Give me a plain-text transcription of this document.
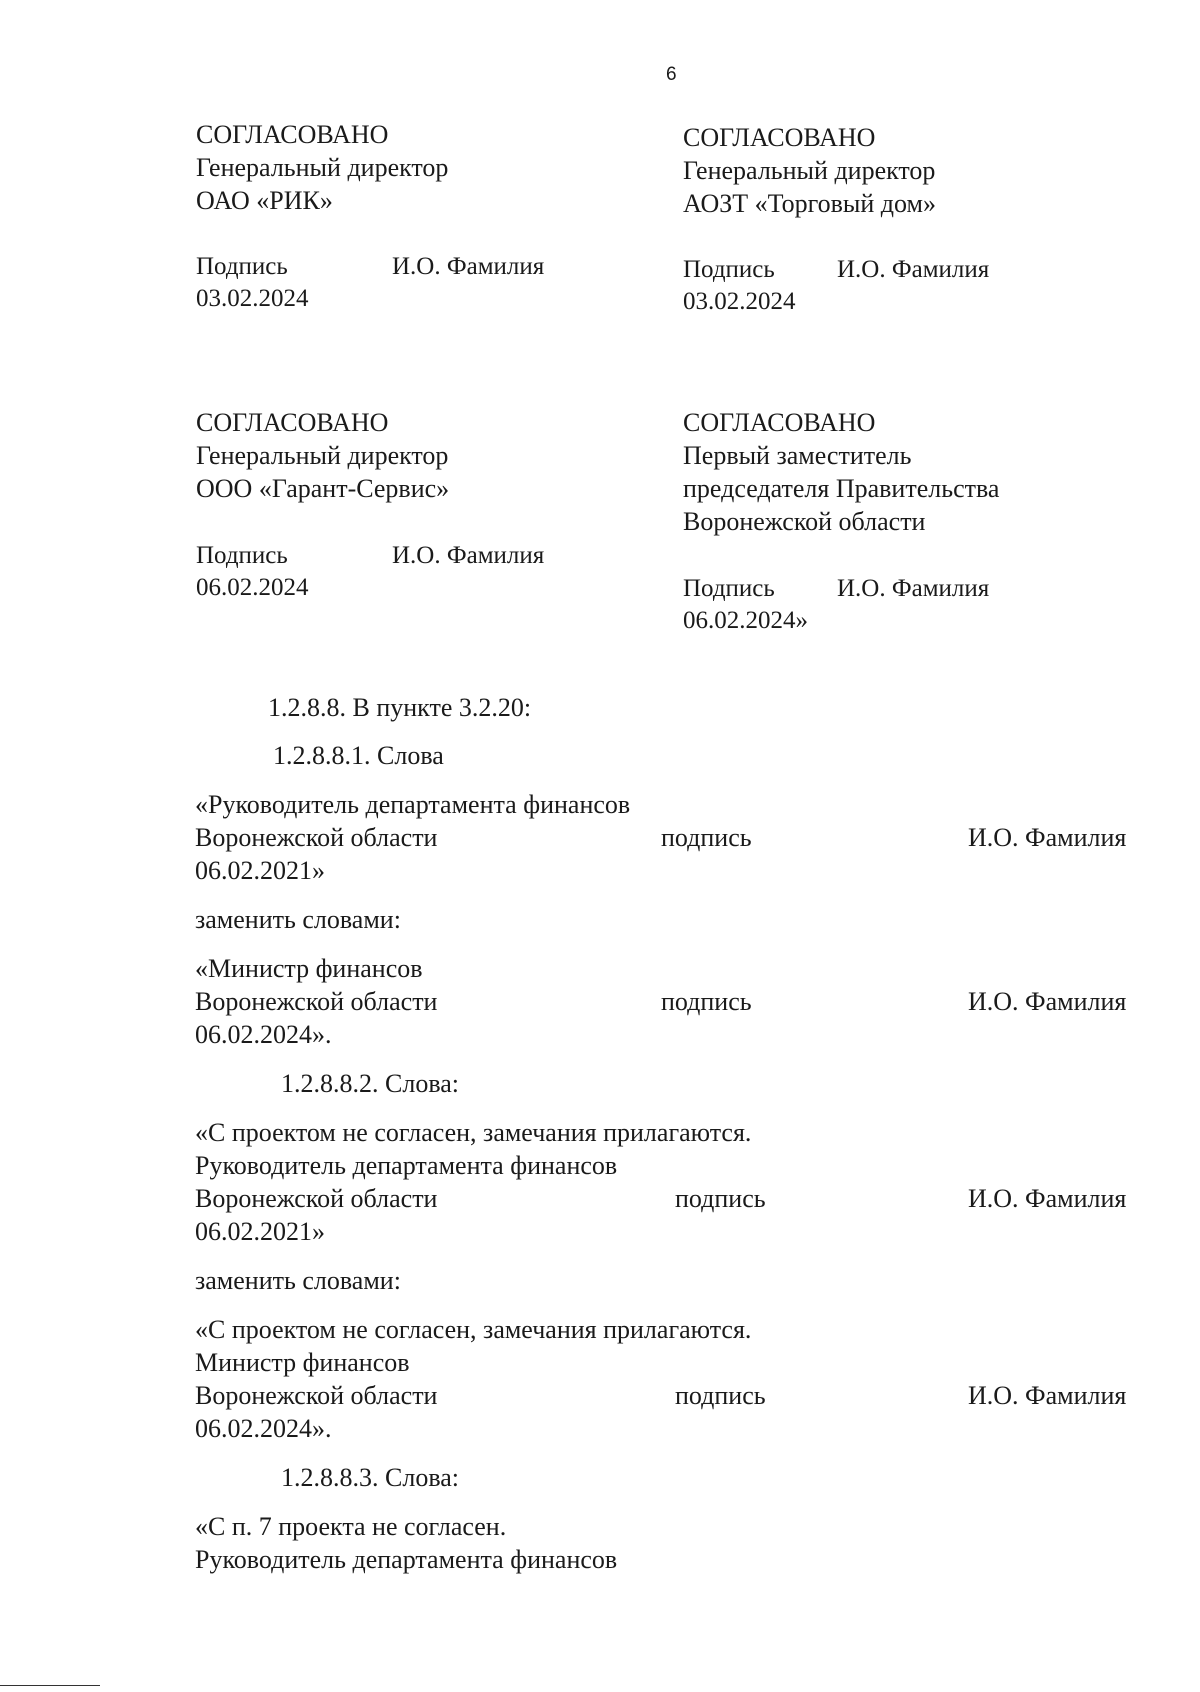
6
СОГЛАСОВАНО
Генеральный директор
ОАО «РИК»
Подпись	И.О. Фамилия
03.02.2024
СОГЛАСОВАНО
Генеральный директор
АОЗТ «Торговый дом»
Подпись И.О. Фамилия
03.02.2024
СОГЛАСОВАНО
Генеральный директор
ООО «Гарант-Сервис»
Подпись	И.О. Фамилия
06.02.2024
СОГЛАСОВАНО
Первый заместитель
председателя Правительства
Воронежской области
Подпись И.О. Фамилия
06.02.2024»
1.2.8.8. В пункте 3.2.20:
1.2.8.8.1. Слова
«Руководитель департамента финансов
Воронежской области	подпись	И.О. Фамилия
06.02.2021»
заменить словами:
«Министр финансов
Воронежской области	подпись	И.О. Фамилия
06.02.2024».
1.2.8.8.2. Слова:
«С проектом не согласен, замечания прилагаются.
Руководитель департамента финансов
Воронежской области	подпись	И.О. Фамилия
06.02.2021»
заменить словами:
«С проектом не согласен, замечания прилагаются.
Министр финансов
Воронежской области	подпись	И.О. Фамилия
06.02.2024».
1.2.8.8.3. Слова:
«С п. 7 проекта не согласен.
Руководитель департамента финансов
